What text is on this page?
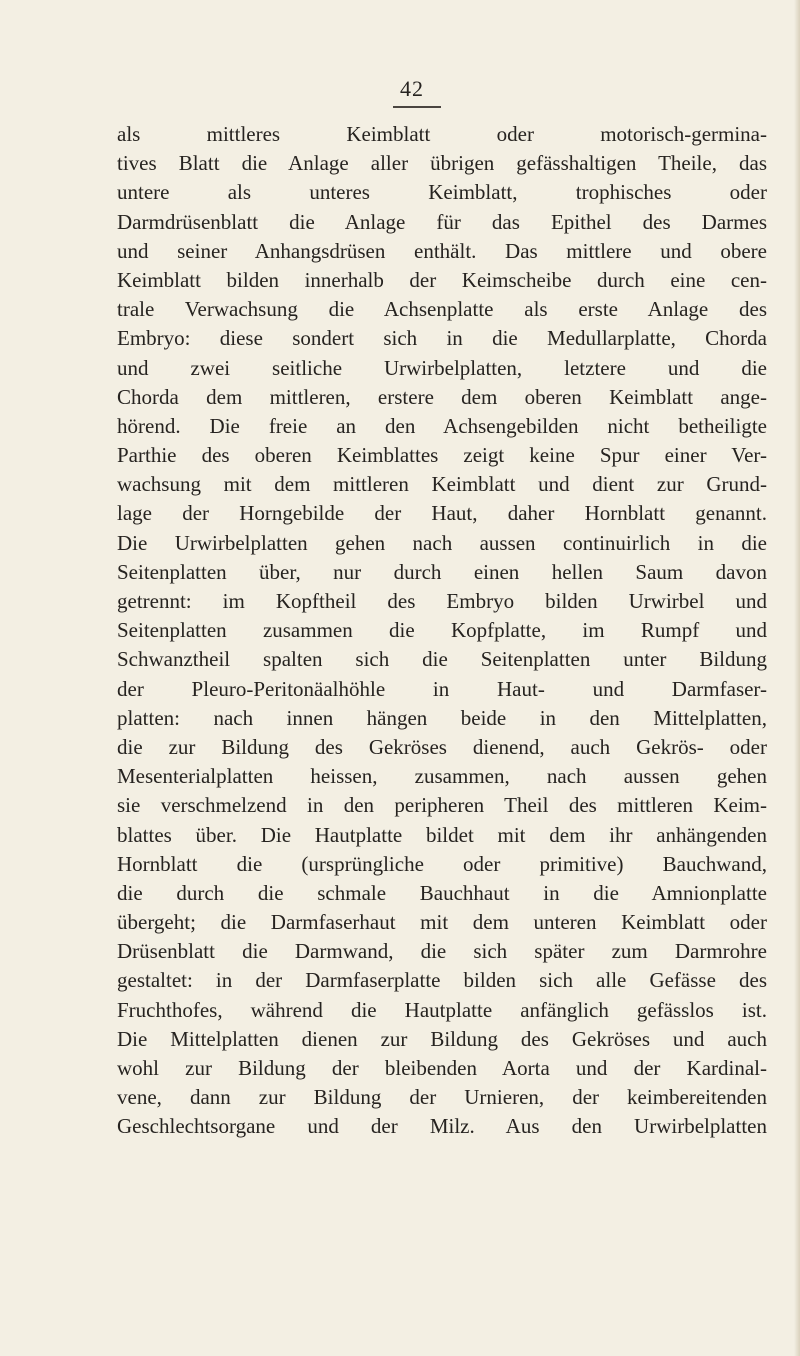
42
als mittleres Keimblatt oder motorisch-germina-
tives Blatt die Anlage aller übrigen gefässhaltigen Theile, das
untere als unteres Keimblatt, trophisches oder
Darmdrüsenblatt die Anlage für das Epithel des Darmes
und seiner Anhangsdrüsen enthält. Das mittlere und obere
Keimblatt bilden innerhalb der Keimscheibe durch eine cen-
trale Verwachsung die Achsenplatte als erste Anlage des
Embryo: diese sondert sich in die Medullarplatte, Chorda
und zwei seitliche Urwirbelplatten, letztere und die
Chorda dem mittleren, erstere dem oberen Keimblatt ange-
hörend. Die freie an den Achsengebilden nicht betheiligte
Parthie des oberen Keimblattes zeigt keine Spur einer Ver-
wachsung mit dem mittleren Keimblatt und dient zur Grund-
lage der Horngebilde der Haut, daher Hornblatt genannt.
Die Urwirbelplatten gehen nach aussen continuirlich in die
Seitenplatten über, nur durch einen hellen Saum davon
getrennt: im Kopftheil des Embryo bilden Urwirbel und
Seitenplatten zusammen die Kopfplatte, im Rumpf und
Schwanztheil spalten sich die Seitenplatten unter Bildung
der Pleuro-Peritonäalhöhle in Haut- und Darmfaser-
platten: nach innen hängen beide in den Mittelplatten,
die zur Bildung des Gekröses dienend, auch Gekrös- oder
Mesenterialplatten heissen, zusammen, nach aussen gehen
sie verschmelzend in den peripheren Theil des mittleren Keim-
blattes über. Die Hautplatte bildet mit dem ihr anhängenden
Hornblatt die (ursprüngliche oder primitive) Bauchwand,
die durch die schmale Bauchhaut in die Amnionplatte
übergeht; die Darmfaserhaut mit dem unteren Keimblatt oder
Drüsenblatt die Darmwand, die sich später zum Darmrohre
gestaltet: in der Darmfaserplatte bilden sich alle Gefässe des
Fruchthofes, während die Hautplatte anfänglich gefässlos ist.
Die Mittelplatten dienen zur Bildung des Gekröses und auch
wohl zur Bildung der bleibenden Aorta und der Kardinal-
vene, dann zur Bildung der Urnieren, der keimbereitenden
Geschlechtsorgane und der Milz. Aus den Urwirbelplatten
